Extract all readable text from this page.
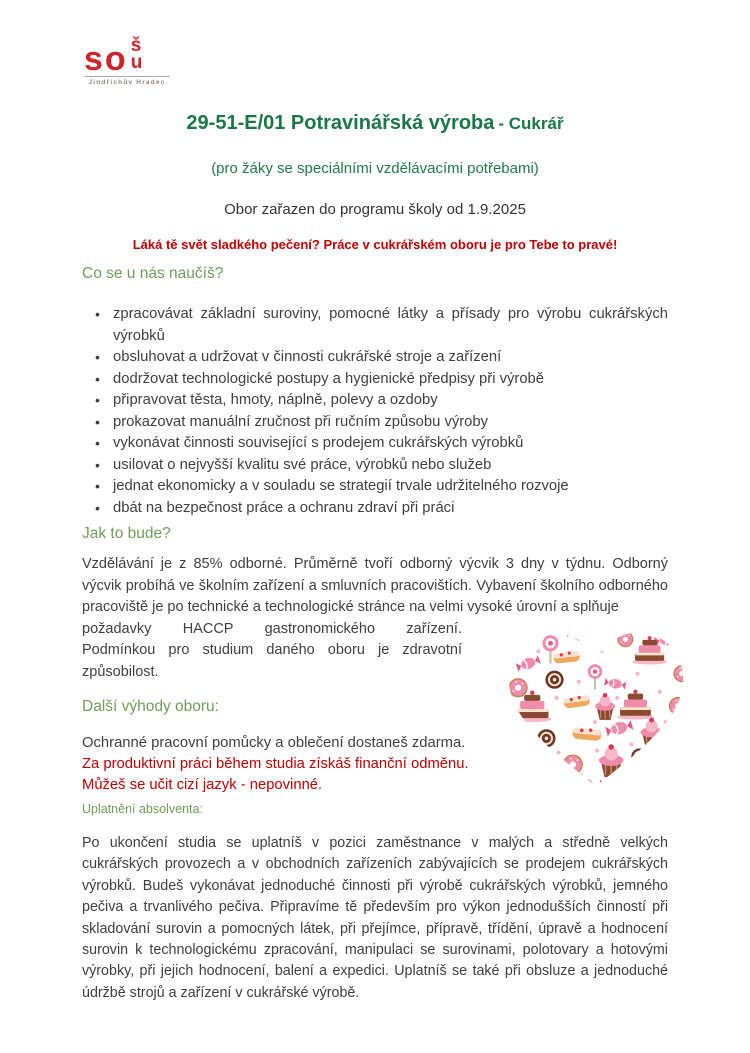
so š
u
Jindřichův Hradec
29-51-E/01 Potravinářská výroba - Cukrář
(pro žáky se speciálními vzdělávacími potřebami)
Obor zařazen do programu školy od 1.9.2025
Láká tě svět sladkého pečení? Práce v cukrářském oboru je pro Tebe to pravé!
Co se u nás naučíš?
• zpracovávat základní suroviny, pomocné látky a přísady pro výrobu cukrářských výrobků
• obsluhovat a udržovat v činnosti cukrářské stroje a zařízení
• dodržovat technologické postupy a hygienické předpisy při výrobě
• připravovat těsta, hmoty, náplně, polevy a ozdoby
• prokazovat manuální zručnost při ručním způsobu výroby
• vykonávat činnosti související s prodejem cukrářských výrobků
• usilovat o nejvyšší kvalitu své práce, výrobků nebo služeb
• jednat ekonomicky a v souladu se strategií trvale udržitelného rozvoje
• dbát na bezpečnost práce a ochranu zdraví při práci
Jak to bude?
Vzdělávání je z 85% odborné. Průměrně tvoří odborný výcvik 3 dny v týdnu. Odborný výcvik probíhá ve školním zařízení a smluvních pracovištích. Vybavení školního odborného pracoviště je po technické a technologické stránce na velmi vysoké úrovní a splňuje
požadavky HACCP gastronomického zařízení.
Podmínkou pro studium daného oboru je zdravotní způsobilost.
Další výhody oboru:
Ochranné pracovní pomůcky a oblečení dostaneš zdarma.
Za produktivní práci během studia získáš finanční odměnu.
Můžeš se učit cizí jazyk - nepovinné.
Uplatnění absolventa:
Po ukončení studia se uplatníš v pozici zaměstnance v malých a středně velkých cukrářských provozech a v obchodních zařízeních zabývajících se prodejem cukrářských výrobků. Budeš vykonávat jednoduché činnosti při výrobě cukrářských výrobků, jemného pečiva a trvanlivého pečiva. Připravíme tě především pro výkon jednodušších činností při skladování surovin a pomocných látek, při přejímce, přípravě, třídění, úpravě a hodnocení surovin k technologickému zpracování, manipulaci se surovinami, polotovary a hotovými výrobky, při jejich hodnocení, balení a expedici. Uplatníš se také při obsluze a jednoduché údržbě strojů a zařízení v cukrářské výrobě.
